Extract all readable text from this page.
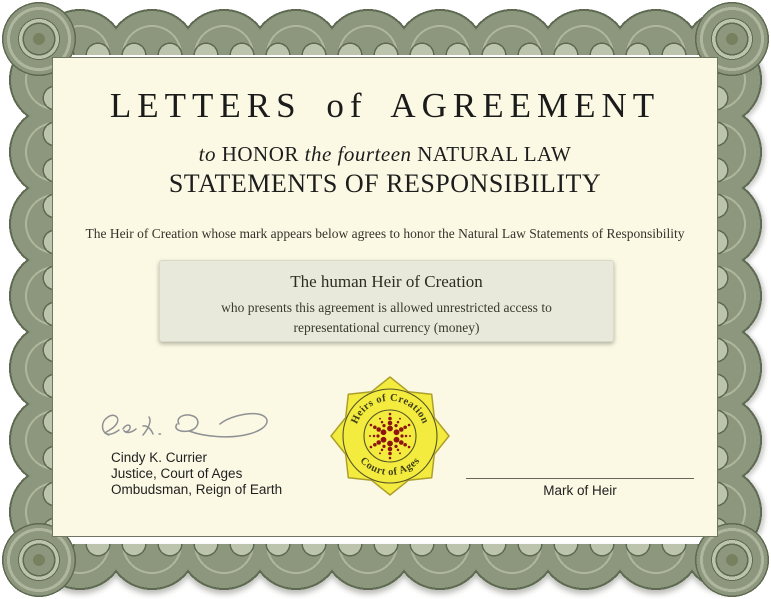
LETTERS of AGREEMENT
to HONOR the fourteen NATURAL LAW
STATEMENTS OF RESPONSIBILITY
The Heir of Creation whose mark appears below agrees to honor the Natural Law Statements of Responsibility
The human Heir of Creation
who presents this agreement is allowed unrestricted access to representational currency (money)
Cindy K. Currier
Justice, Court of Ages
Ombudsman, Reign of Earth
Heirs of Creation
Court of Ages
Mark of Heir
